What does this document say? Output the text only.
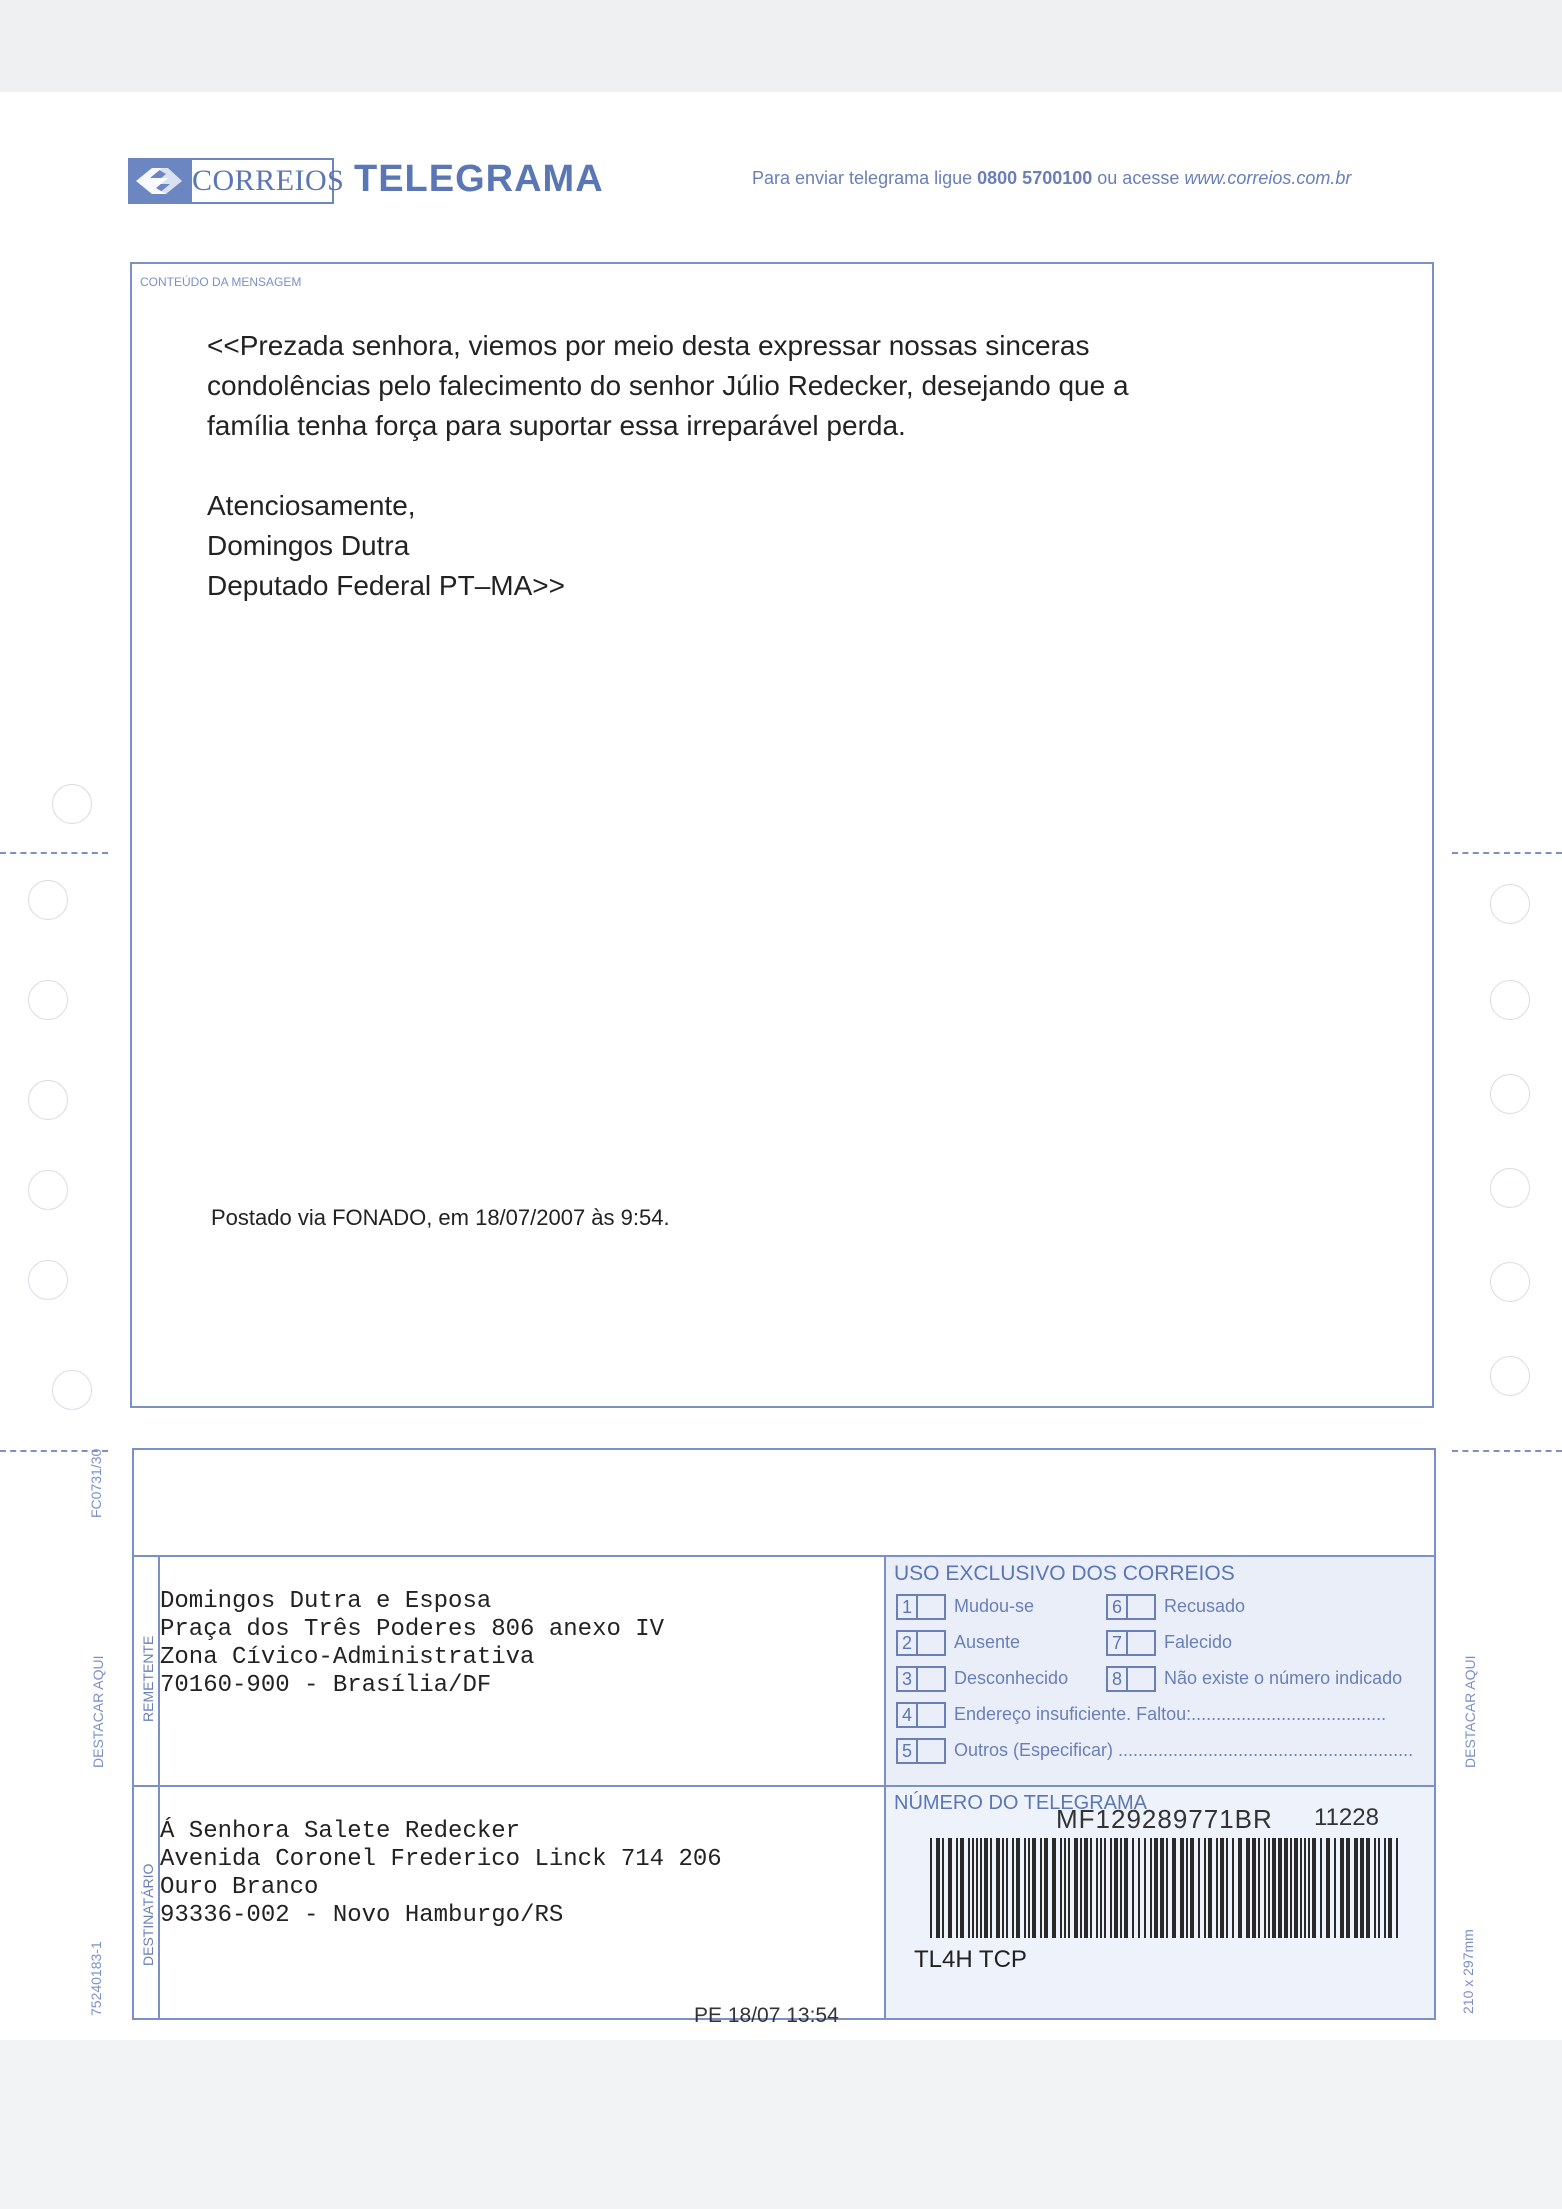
CORREIOS TELEGRAMA	Para enviar telegrama ligue 0800 5700100 ou acesse www.correios.com.br
CONTEÚDO DA MENSAGEM

<<Prezada senhora, viemos por meio desta expressar nossas sinceras

condolências pelo falecimento do senhor Júlio Redecker, desejando que a

família tenha força para suportar essa irreparável perda.

Atenciosamente,

Domingos Dutra

Deputado Federal PT–MA>>

Postado via FONADO, em 18/07/2007 às 9:54.
REMETENTE
DESTINATÁRIO
Domingos Dutra e Esposa
Praça dos Três Poderes 806 anexo IV
Zona Cívico-Administrativa
70160-900 - Brasília/DF
Á Senhora Salete Redecker
Avenida Coronel Frederico Linck 714 206
Ouro Branco
93336-002 - Novo Hamburgo/RS
USO EXCLUSIVO DOS CORREIOS
1 Mudou-se
2 Ausente
3 Desconhecido
4 Endereço insuficiente. Faltou:.......................................
5 Outros (Especificar) ...........................................................
6 Recusado
7 Falecido
8 Não existe o número indicado
NÚMERO DO TELEGRAMA
MF129289771BR 11228
TL4H TCP
PE 18/07 13:54
FC0731/30
DESTACAR AQUI
75240183-1
DESTACAR AQUI
210 x 297mm
